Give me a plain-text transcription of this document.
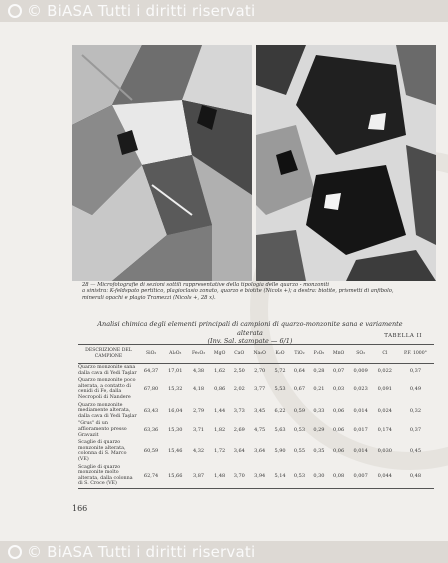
© BiASA Tutti i diritti riservati
28 — Microfotografie di sezioni sottili rappresentative della tipologia delle quarzo - monzoniti
a sinistra: K-feldspato pertitico, plagioclasio zonato, quarzo e biotite (Nicols +); a destra: biotite, prismetti di anfibolo,
minerali opachi e plagio Tramezzi (Nicols +, 28 x).
Analisi chimica degli elementi principali di campioni di quarzo-monzonite sana e variamente alterata
(Inv. Sal. stampate — 6/1)
TABELLA II
DESCRIZIONE DEL CAMPIONE	SiO₂	Al₂O₃	Fe₂O₃	MgO	CaO	Na₂O	K₂O	TiO₂	P₂O₅	MnO	SO₃	Cl	P.F. 1000°
Quarzo monzonite sana dalla cava di Yedi Taşlar	64,37	17,01	4,38	1,62	2,50	2,70	5,72	0,64	0,28	0,07	0,009	0,022	0,37
Quarzo monzonite poco alterata, a contatto di cenidi di Fe, dalla Necropoli di Nandere	67,80	15,32	4,18	0,86	2,02	3,77	5,53	0,67	0,21	0,03	0,023	0,091	0,49
Quarzo monzonite mediamente alterata, dalla cava di Yedi Taşlar	63,43	16,04	2,79	1,44	3,73	3,45	6,22	0,59	0,33	0,06	0,014	0,024	0,32
"Grus" di un affioramento presso Gravazit	63,36	15,30	3,71	1,82	2,69	4,75	5,63	0,53	0,29	0,06	0,017	0,174	0,37
Scaglie di quarzo monzonite alterata, colonna di S. Marco (VE)	60,59	15,46	4,32	1,72	3,64	3,64	5,90	0,55	0,35	0,06	0,014	0,030	0,45
Scaglie di quarzo monzonite molto alterata, dalla colonna di S. Croce (VE)	62,74	15,66	3,87	1,48	3,70	3,94	5,14	0,53	0,30	0,08	0,007	0,044	0,48
166
© BiASA Tutti i diritti riservati
